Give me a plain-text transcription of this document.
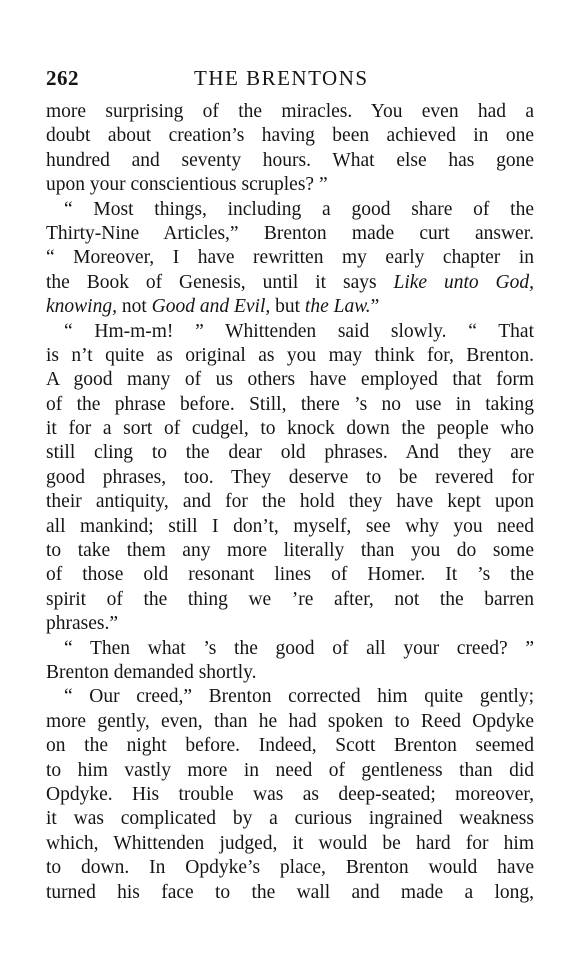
262	THE BRENTONS
more surprising of the miracles. You even had a
doubt about creation’s having been achieved in one
hundred and seventy hours. What else has gone
upon your conscientious scruples? ”
“ Most things, including a good share of the
Thirty-Nine Articles,” Brenton made curt answer.
“ Moreover, I have rewritten my early chapter in
the Book of Genesis, until it says Like unto God,
knowing, not Good and Evil, but the Law.”
“ Hm-m-m! ” Whittenden said slowly. “ That
is n’t quite as original as you may think for, Brenton.
A good many of us others have employed that form
of the phrase before. Still, there ’s no use in taking
it for a sort of cudgel, to knock down the people who
still cling to the dear old phrases. And they are
good phrases, too. They deserve to be revered for
their antiquity, and for the hold they have kept upon
all mankind; still I don’t, myself, see why you need
to take them any more literally than you do some
of those old resonant lines of Homer. It ’s the
spirit of the thing we ’re after, not the barren
phrases.”
“ Then what ’s the good of all your creed? ”
Brenton demanded shortly.
“ Our creed,” Brenton corrected him quite gently;
more gently, even, than he had spoken to Reed Opdyke
on the night before. Indeed, Scott Brenton seemed
to him vastly more in need of gentleness than did
Opdyke. His trouble was as deep-seated; moreover,
it was complicated by a curious ingrained weakness
which, Whittenden judged, it would be hard for him
to down. In Opdyke’s place, Brenton would have
turned his face to the wall and made a long,
